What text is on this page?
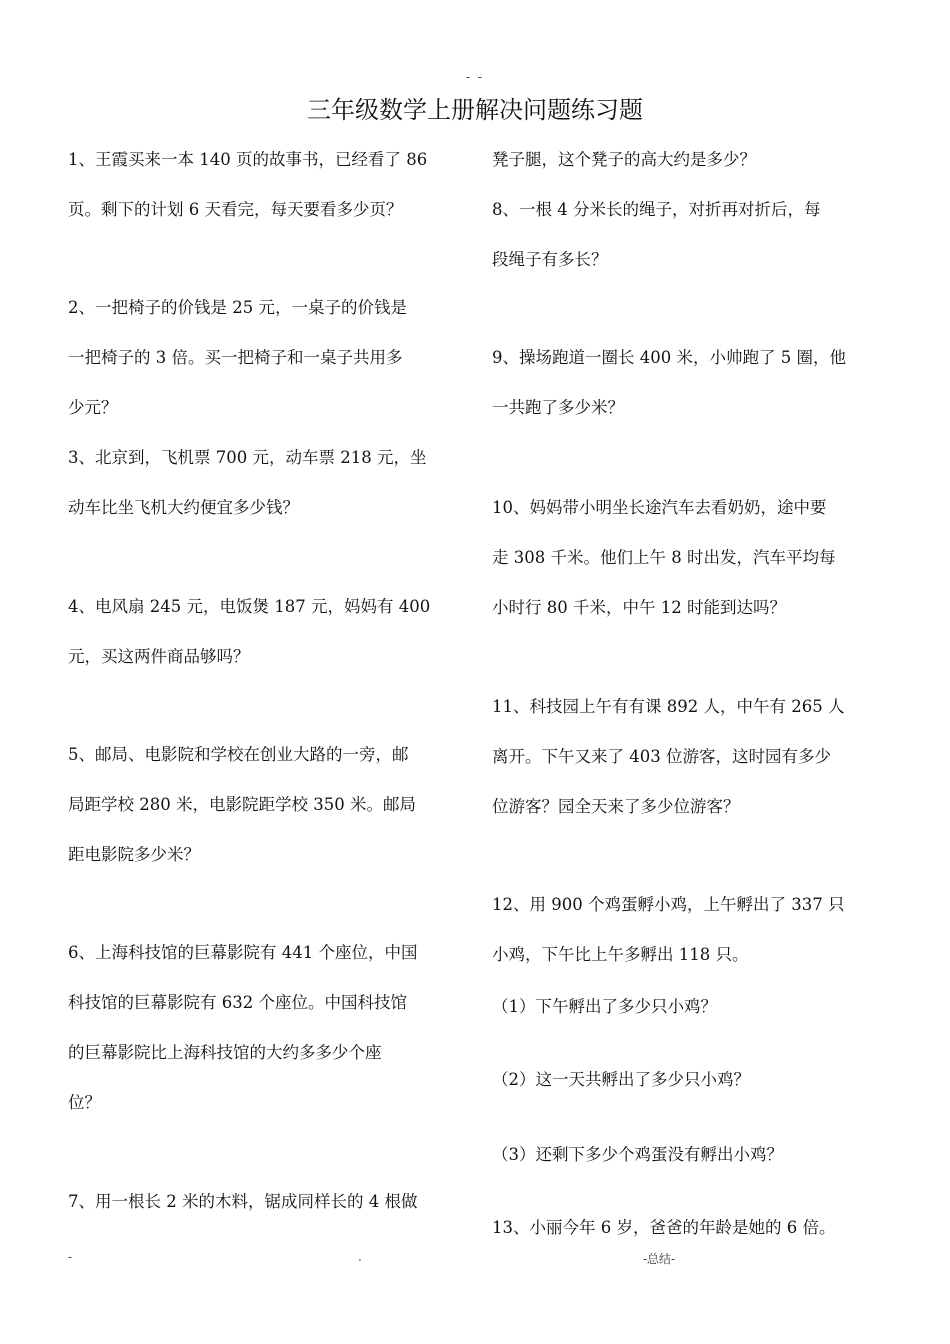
- -
三年级数学上册解决问题练习题
1、王霞买来一本 140 页的故事书，已经看了 86
页。剩下的计划 6 天看完，每天要看多少页？
2、一把椅子的价钱是 25 元，一桌子的价钱是
一把椅子的 3 倍。买一把椅子和一桌子共用多
少元？
3、北京到，飞机票 700 元，动车票 218 元，坐
动车比坐飞机大约便宜多少钱？
4、电风扇 245 元，电饭煲 187 元，妈妈有 400
元，买这两件商品够吗？
5、邮局、电影院和学校在创业大路的一旁，邮
局距学校 280 米，电影院距学校 350 米。邮局
距电影院多少米？
6、上海科技馆的巨幕影院有 441 个座位，中国
科技馆的巨幕影院有 632 个座位。中国科技馆
的巨幕影院比上海科技馆的大约多多少个座
位？
7、用一根长 2 米的木料，锯成同样长的 4 根做
凳子腿，这个凳子的高大约是多少？
8、一根 4 分米长的绳子，对折再对折后，每
段绳子有多长？
9、操场跑道一圈长 400 米，小帅跑了 5 圈，他
一共跑了多少米？
10、妈妈带小明坐长途汽车去看奶奶，途中要
走 308 千米。他们上午 8 时出发，汽车平均每
小时行 80 千米，中午 12 时能到达吗？
11、科技园上午有有课 892 人，中午有 265 人
离开。下午又来了 403 位游客，这时园有多少
位游客？园全天来了多少位游客？
12、用 900 个鸡蛋孵小鸡，上午孵出了 337 只
小鸡，下午比上午多孵出 118 只。
（1）下午孵出了多少只小鸡？
（2）这一天共孵出了多少只小鸡？
（3）还剩下多少个鸡蛋没有孵出小鸡？
13、小丽今年 6 岁，爸爸的年龄是她的 6 倍。
-	.	-总结-
